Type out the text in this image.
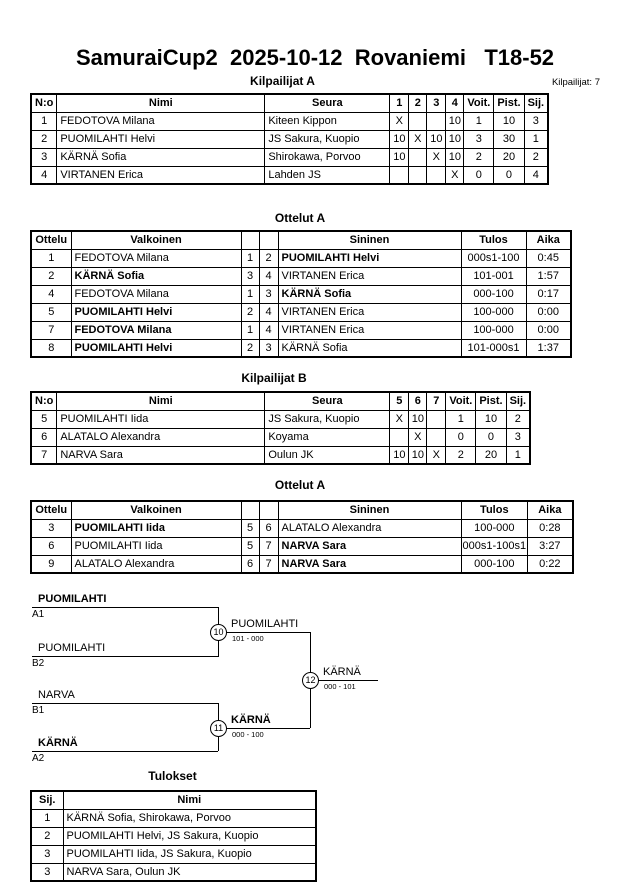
SamuraiCup2  2025-10-12  Rovaniemi   T18-52
Kilpailijat A	Kilpailijat: 7
N:o	Nimi	Seura	1	2	3	4	Voit.	Pist.	Sij.
1	FEDOTOVA Milana	Kiteen Kippon	X			10	1	10	3
2	PUOMILAHTI Helvi	JS Sakura, Kuopio	10	X	10	10	3	30	1
3	KÄRNÄ Sofia	Shirokawa, Porvoo	10		X	10	2	20	2
4	VIRTANEN Erica	Lahden JS				X	0	0	4
Ottelut A
Ottelu	Valkoinen			Sininen	Tulos	Aika
1	FEDOTOVA Milana	1	2	PUOMILAHTI Helvi	000s1-100	0:45
2	KÄRNÄ Sofia	3	4	VIRTANEN Erica	101-001	1:57
4	FEDOTOVA Milana	1	3	KÄRNÄ Sofia	000-100	0:17
5	PUOMILAHTI Helvi	2	4	VIRTANEN Erica	100-000	0:00
7	FEDOTOVA Milana	1	4	VIRTANEN Erica	100-000	0:00
8	PUOMILAHTI Helvi	2	3	KÄRNÄ Sofia	101-000s1	1:37
Kilpailijat B
N:o	Nimi	Seura	5	6	7	Voit.	Pist.	Sij.
5	PUOMILAHTI Iida	JS Sakura, Kuopio	X	10		1	10	2
6	ALATALO Alexandra	Koyama		X		0	0	3
7	NARVA Sara	Oulun JK	10	10	X	2	20	1
Ottelut A
Ottelu	Valkoinen			Sininen	Tulos	Aika
3	PUOMILAHTI Iida	5	6	ALATALO Alexandra	100-000	0:28
6	PUOMILAHTI Iida	5	7	NARVA Sara	000s1-100s1	3:27
9	ALATALO Alexandra	6	7	NARVA Sara	000-100	0:22
PUOMILAHTI
A1
PUOMILAHTI
B2
PUOMILAHTI
101 - 000
10
NARVA
B1
KÄRNÄ
A2
KÄRNÄ
000 - 100
11
KÄRNÄ
000 - 101
12
Tulokset
Sij.	Nimi
1	KÄRNÄ Sofia, Shirokawa, Porvoo
2	PUOMILAHTI Helvi, JS Sakura, Kuopio
3	PUOMILAHTI Iida, JS Sakura, Kuopio
3	NARVA Sara, Oulun JK
